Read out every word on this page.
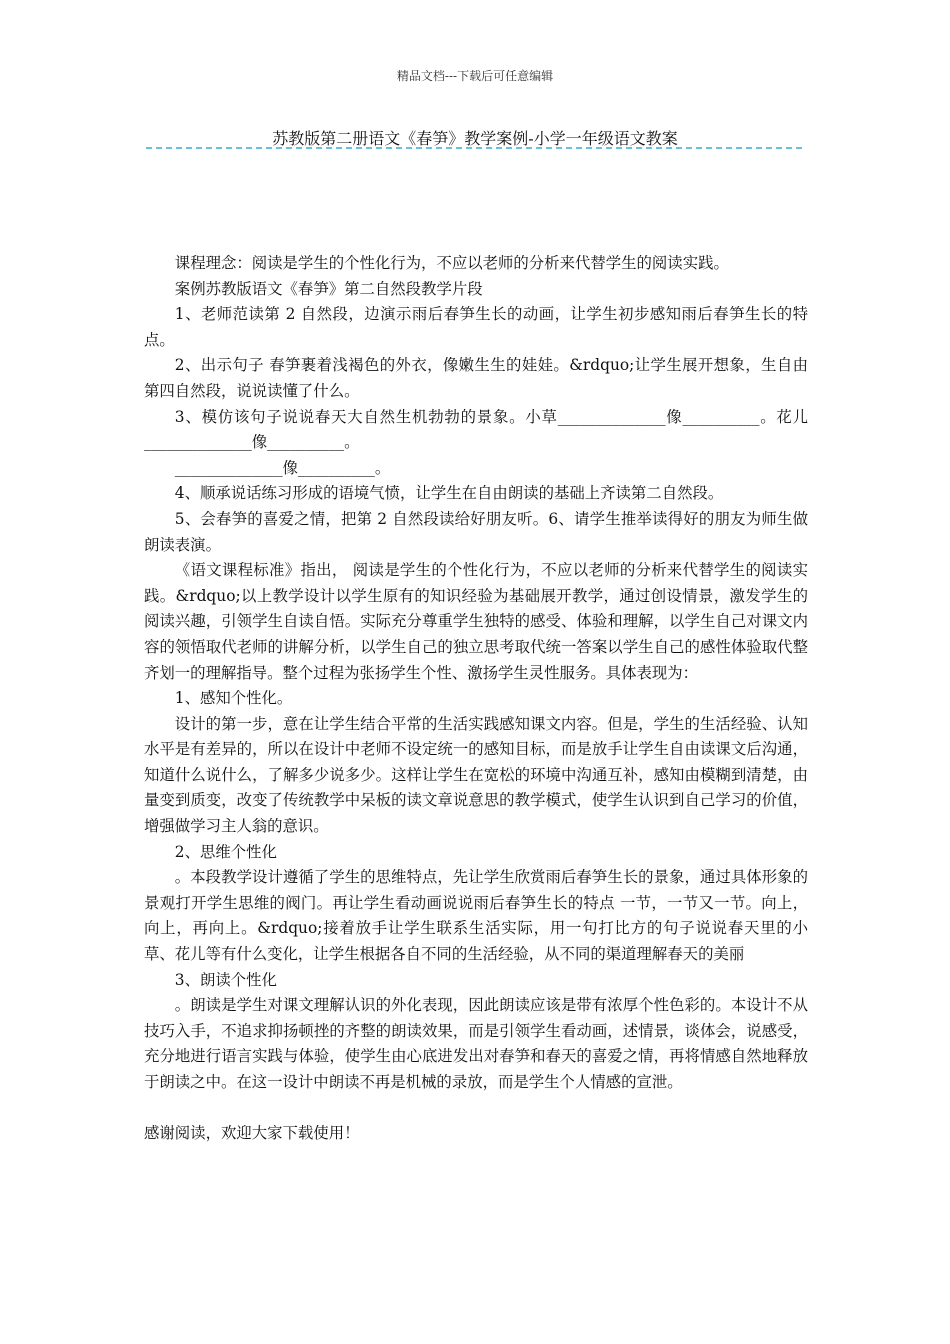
精品文档---下载后可任意编辑
苏教版第二册语文《春笋》教学案例-小学一年级语文教案

课程理念：阅读是学生的个性化行为，不应以老师的分析来代替学生的阅读实践。

案例苏教版语文《春笋》第二自然段教学片段

1、老师范读第 2 自然段，边演示雨后春笋生长的动画，让学生初步感知雨后春笋生长的特点。

2、出示句子 春笋裹着浅褐色的外衣，像嫩生生的娃娃。&rdquo;让学生展开想象，生自由第四自然段，说说读懂了什么。

3、模仿该句子说说春天大自然生机勃勃的景象。小草______________像__________。花儿______________像__________。

______________像__________。

4、顺承说话练习形成的语境气愤，让学生在自由朗读的基础上齐读第二自然段。

5、会春笋的喜爱之情，把第 2 自然段读给好朋友听。6、请学生推举读得好的朋友为师生做朗读表演。

《语文课程标准》指出， 阅读是学生的个性化行为，不应以老师的分析来代替学生的阅读实践。&rdquo;以上教学设计以学生原有的知识经验为基础展开教学，通过创设情景，激发学生的阅读兴趣，引领学生自读自悟。实际充分尊重学生独特的感受、体验和理解，以学生自己对课文内容的领悟取代老师的讲解分析，以学生自己的独立思考取代统一答案以学生自己的感性体验取代整齐划一的理解指导。整个过程为张扬学生个性、激扬学生灵性服务。具体表现为：

1、感知个性化。

设计的第一步，意在让学生结合平常的生活实践感知课文内容。但是，学生的生活经验、认知水平是有差异的，所以在设计中老师不设定统一的感知目标，而是放手让学生自由读课文后沟通，知道什么说什么，了解多少说多少。这样让学生在宽松的环境中沟通互补，感知由模糊到清楚，由量变到质变，改变了传统教学中呆板的读文章说意思的教学模式，使学生认识到自己学习的价值，增强做学习主人翁的意识。

2、思维个性化

。本段教学设计遵循了学生的思维特点，先让学生欣赏雨后春笋生长的景象，通过具体形象的景观打开学生思维的阀门。再让学生看动画说说雨后春笋生长的特点 一节，一节又一节。向上，向上，再向上。&rdquo;接着放手让学生联系生活实际，用一句打比方的句子说说春天里的小草、花儿等有什么变化，让学生根据各自不同的生活经验，从不同的渠道理解春天的美丽

3、朗读个性化

。朗读是学生对课文理解认识的外化表现，因此朗读应该是带有浓厚个性色彩的。本设计不从技巧入手，不追求抑扬顿挫的齐整的朗读效果，而是引领学生看动画，述情景，谈体会，说感受，充分地进行语言实践与体验，使学生由心底进发出对春笋和春天的喜爱之情，再将情感自然地释放于朗读之中。在这一设计中朗读不再是机械的录放，而是学生个人情感的宣泄。

感谢阅读，欢迎大家下载使用！
